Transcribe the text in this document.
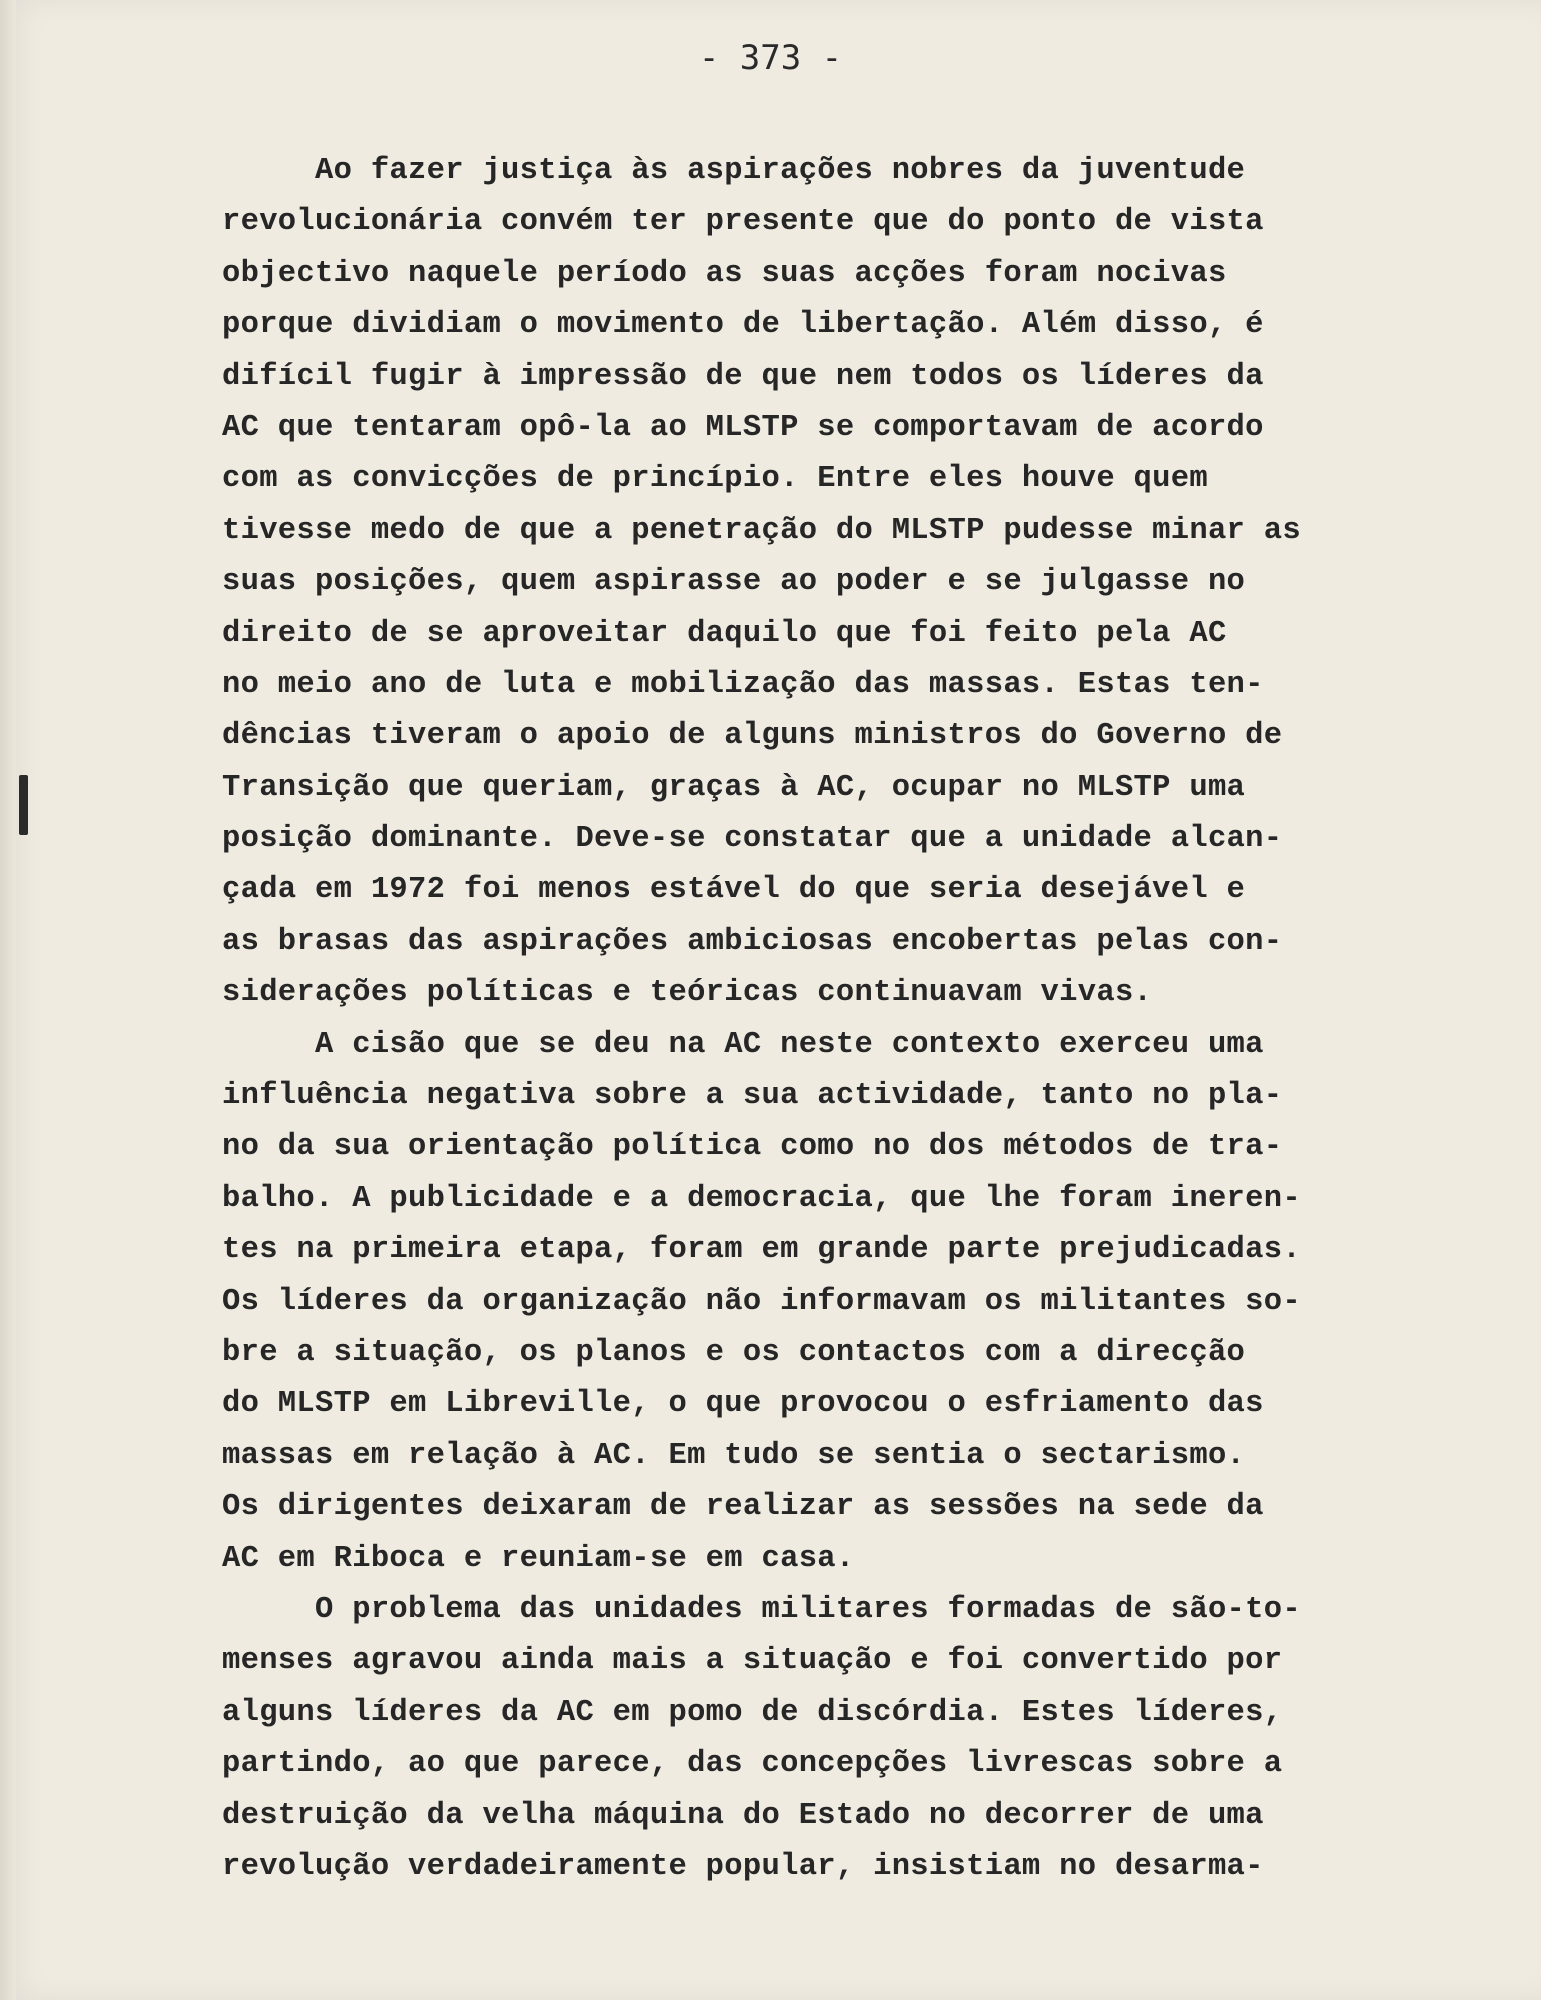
- 373 -
Ao fazer justiça às aspirações nobres da juventude
revolucionária convém ter presente que do ponto de vista
objectivo naquele período as suas acções foram nocivas
porque dividiam o movimento de libertação. Além disso, é
difícil fugir à impressão de que nem todos os líderes da
AC que tentaram opô-la ao MLSTP se comportavam de acordo
com as convicções de princípio. Entre eles houve quem
tivesse medo de que a penetração do MLSTP pudesse minar as
suas posições, quem aspirasse ao poder e se julgasse no
direito de se aproveitar daquilo que foi feito pela AC
no meio ano de luta e mobilização das massas. Estas ten-
dências tiveram o apoio de alguns ministros do Governo de
Transição que queriam, graças à AC, ocupar no MLSTP uma
posição dominante. Deve-se constatar que a unidade alcan-
çada em 1972 foi menos estável do que seria desejável e
as brasas das aspirações ambiciosas encobertas pelas con-
siderações políticas e teóricas continuavam vivas.
A cisão que se deu na AC neste contexto exerceu uma
influência negativa sobre a sua actividade, tanto no pla-
no da sua orientação política como no dos métodos de tra-
balho. A publicidade e a democracia, que lhe foram ineren-
tes na primeira etapa, foram em grande parte prejudicadas.
Os líderes da organização não informavam os militantes so-
bre a situação, os planos e os contactos com a direcção
do MLSTP em Libreville, o que provocou o esfriamento das
massas em relação à AC. Em tudo se sentia o sectarismo.
Os dirigentes deixaram de realizar as sessões na sede da
AC em Riboca e reuniam-se em casa.
O problema das unidades militares formadas de são-to-
menses agravou ainda mais a situação e foi convertido por
alguns líderes da AC em pomo de discórdia. Estes líderes,
partindo, ao que parece, das concepções livrescas sobre a
destruição da velha máquina do Estado no decorrer de uma
revolução verdadeiramente popular, insistiam no desarma-
